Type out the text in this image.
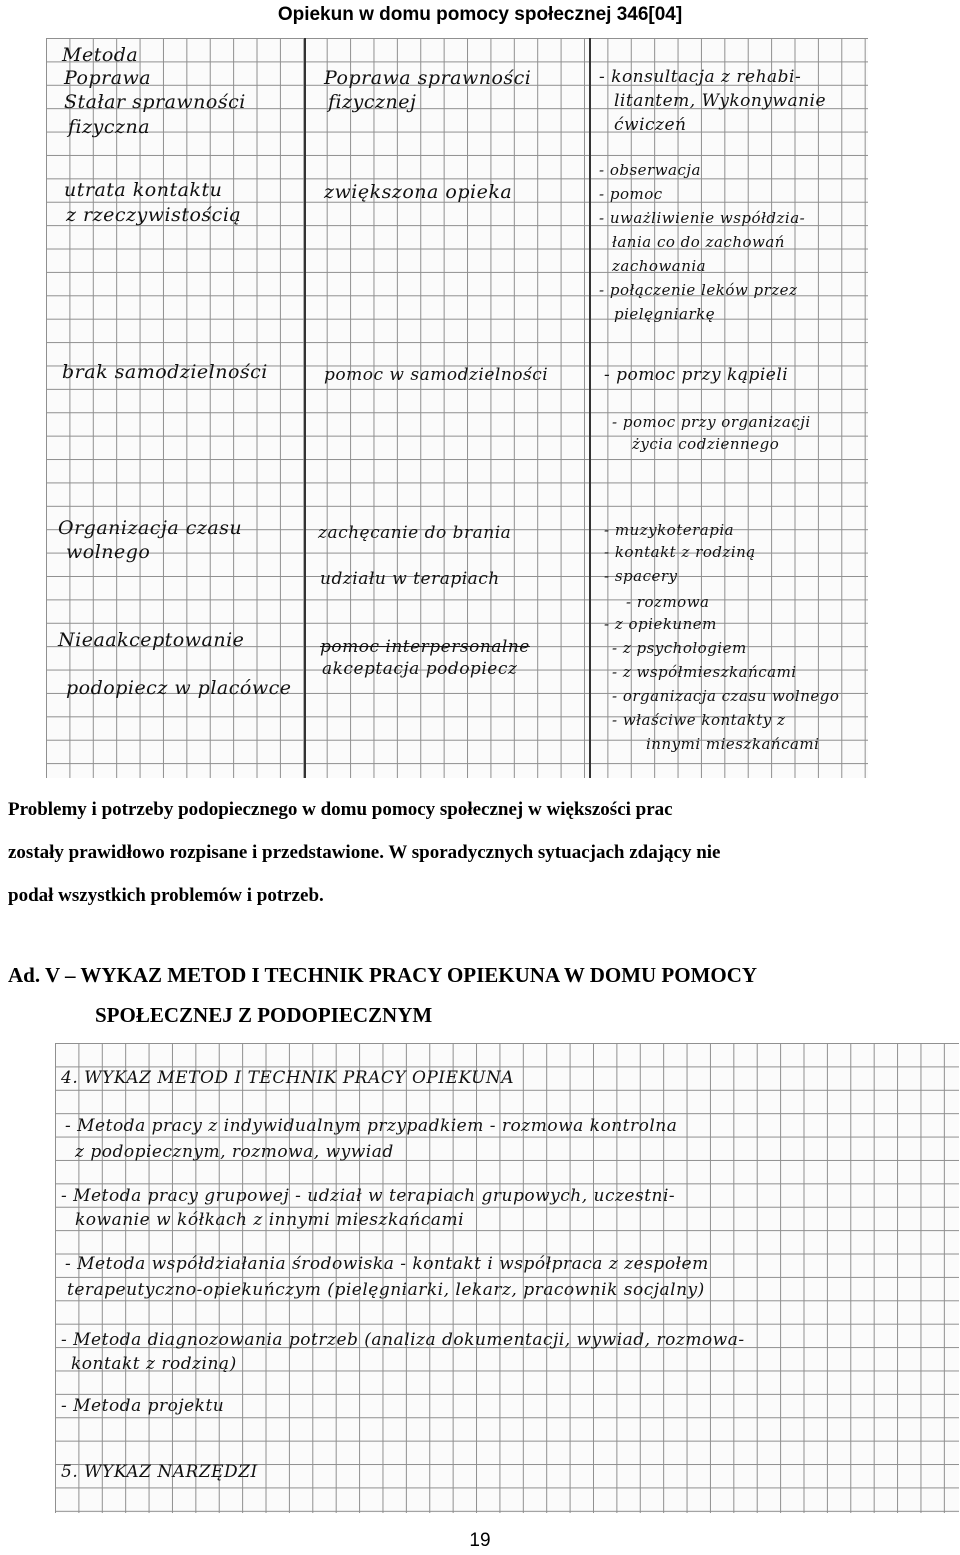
Opiekun w domu pomocy społecznej 346[04]
Metoda
Poprawa
Stałar sprawności
fizyczna
utrata kontaktu
z rzeczywistością
brak samodzielności
Organizacja czasu
wolnego
Nieaakceptowanie
podopiecz w placówce
Poprawa sprawności
fizycznej
zwiększona opieka
pomoc w samodzielności
zachęcanie do brania
udziału w terapiach
pomoc interpersonalne
akceptacja podopiecz
- konsultacja z rehabi-
litantem, Wykonywanie
ćwiczeń
- obserwacja
- pomoc
- uważliwienie współdzia-
łania co do zachowań
zachowania
- połączenie leków przez
pielęgniarkę
- pomoc przy kąpieli
- pomoc przy organizacji
życia codziennego
- muzykoterapia
- kontakt z rodziną
- spacery
- rozmowa
- z opiekunem
- z psychologiem
- z współmieszkańcami
- organizacja czasu wolnego
- właściwe kontakty z
innymi mieszkańcami
Problemy i potrzeby podopiecznego w domu pomocy społecznej w większości prac
zostały prawidłowo rozpisane i przedstawione. W sporadycznych sytuacjach zdający nie
podał wszystkich problemów i potrzeb.
Ad. V – WYKAZ METOD I TECHNIK PRACY OPIEKUNA W DOMU POMOCY
SPOŁECZNEJ Z PODOPIECZNYM
4. WYKAZ METOD I TECHNIK PRACY OPIEKUNA
- Metoda pracy z indywidualnym przypadkiem - rozmowa kontrolna
z podopiecznym, rozmowa, wywiad
- Metoda pracy grupowej - udział w terapiach grupowych, uczestni-
kowanie w kółkach z innymi mieszkańcami
- Metoda współdziałania środowiska - kontakt i współpraca z zespołem
terapeutyczno-opiekuńczym (pielęgniarki, lekarz, pracownik socjalny)
- Metoda diagnozowania potrzeb (analiza dokumentacji, wywiad, rozmowa-
kontakt z rodziną)
- Metoda projektu
5. WYKAZ NARZĘDZI
19
